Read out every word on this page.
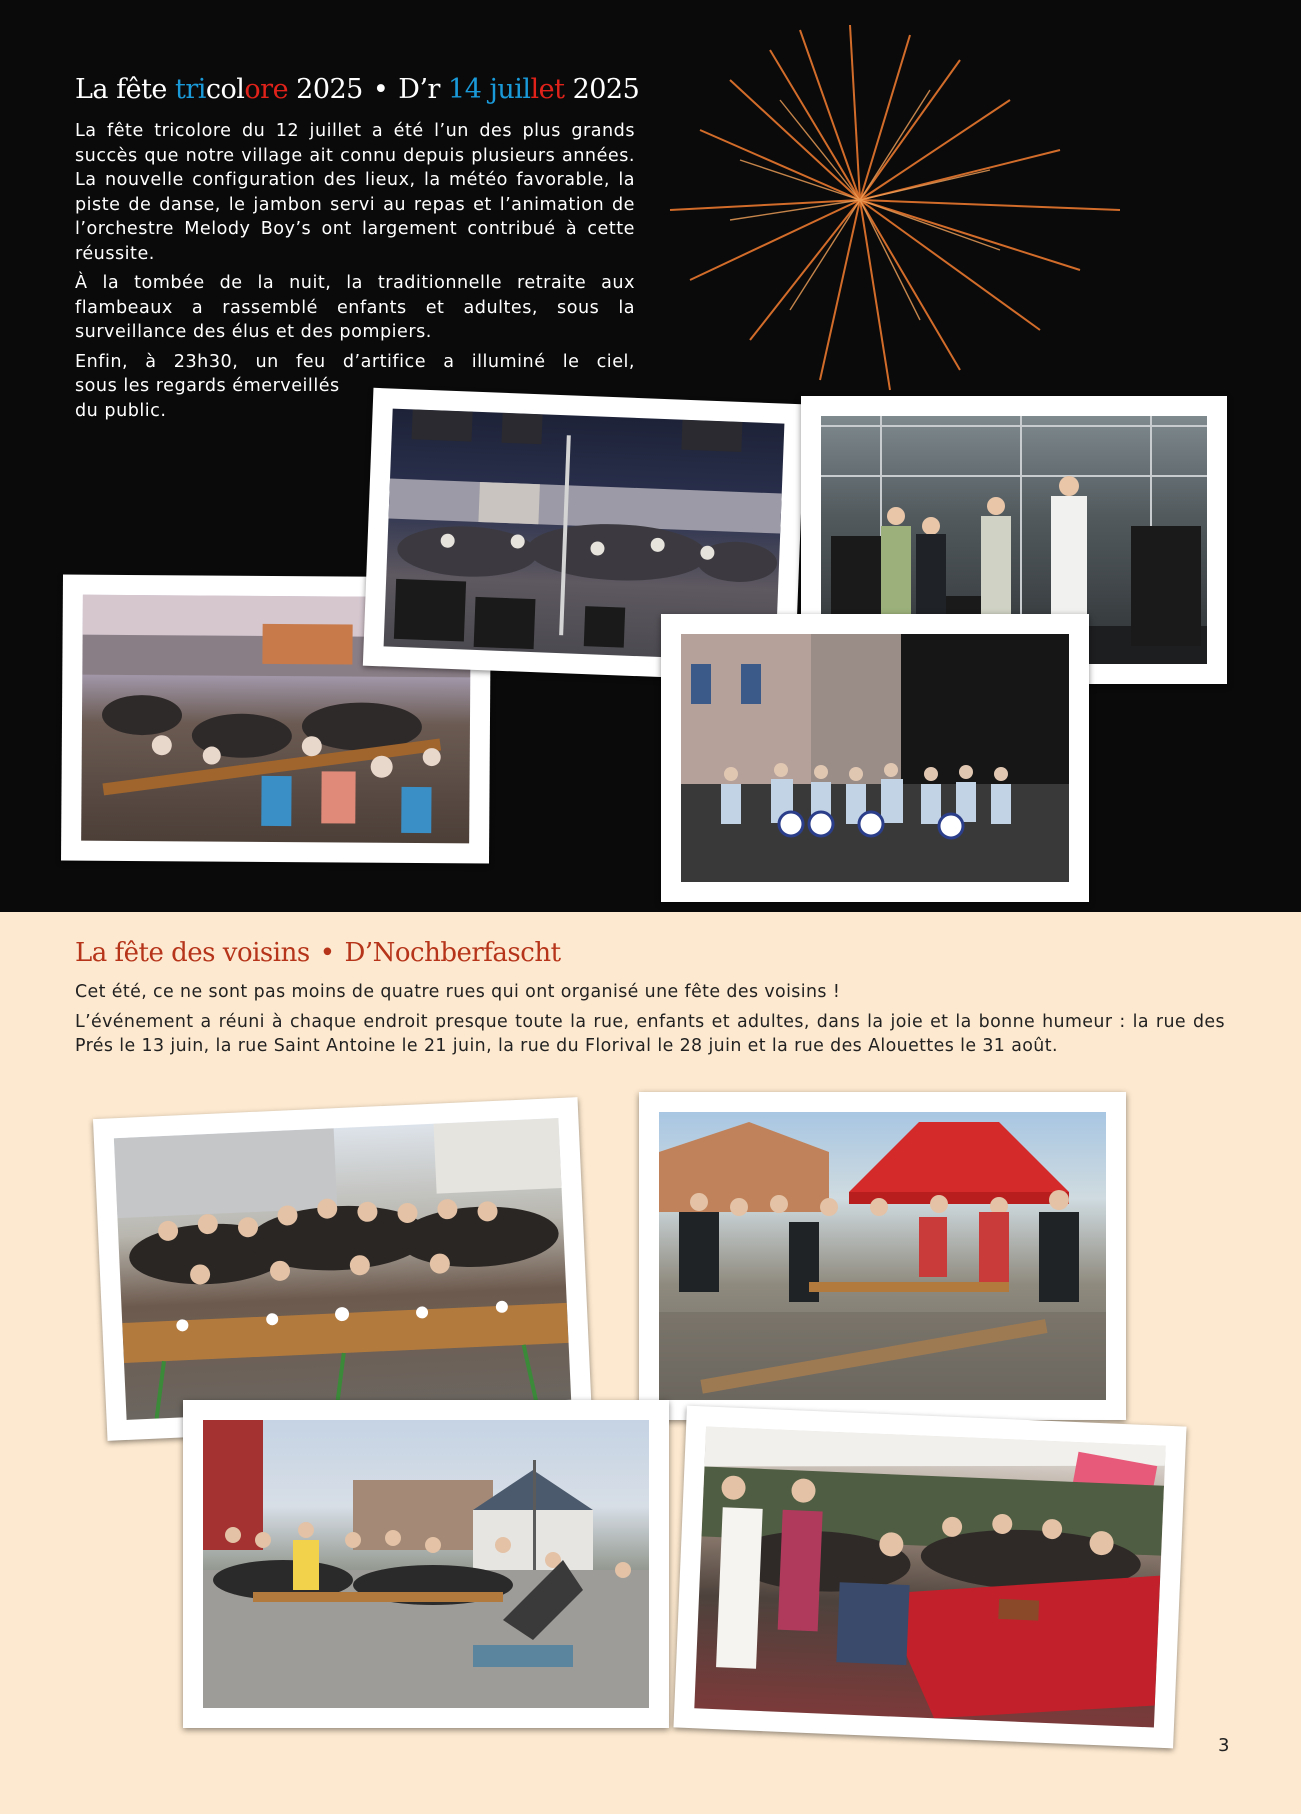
La fête tricolore 2025 • D’r 14 juillet 2025

La fête tricolore du 12 juillet a été l’un des plus grands succès que notre village ait connu depuis plusieurs années. La nouvelle configuration des lieux, la météo favorable, la piste de danse, le jambon servi au repas et l’animation de l’orchestre Melody Boy’s ont largement contribué à cette réussite.

À la tombée de la nuit, la traditionnelle retraite aux flambeaux a rassemblé enfants et adultes, sous la surveillance des élus et des pompiers.

Enfin, à 23h30, un feu d’artifice a illuminé le ciel,
sous les regards émerveillés
du public.

La fête des voisins • D’Nochberfascht

Cet été, ce ne sont pas moins de quatre rues qui ont organisé une fête des voisins !

L’événement a réuni à chaque endroit presque toute la rue, enfants et adultes, dans la joie et la bonne humeur : la rue des Prés le 13 juin, la rue Saint Antoine le 21 juin, la rue du Florival le 28 juin et la rue des Alouettes le 31 août.

3
